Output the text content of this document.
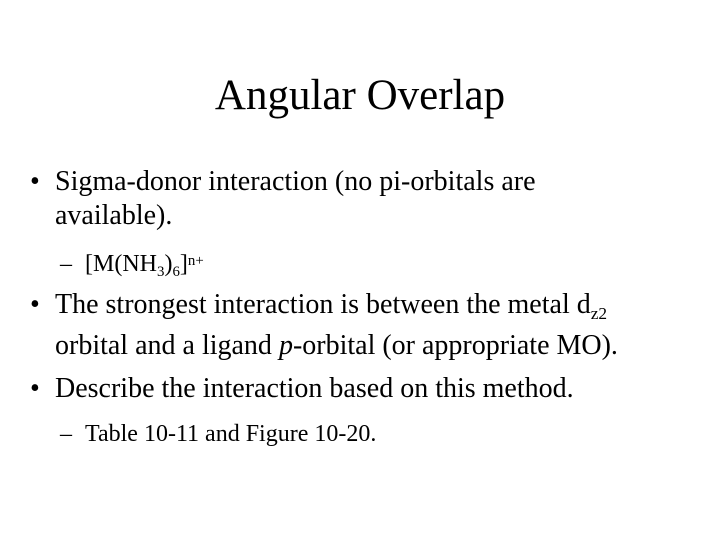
Angular Overlap
• Sigma-donor interaction (no pi-orbitals are
available).
– $[M(NH_3)_6]^{n+}$
• The strongest interaction is between the metal $d_{z2}$
orbital and a ligand p-orbital (or appropriate MO).
• Describe the interaction based on this method.
– Table 10-11 and Figure 10-20.
